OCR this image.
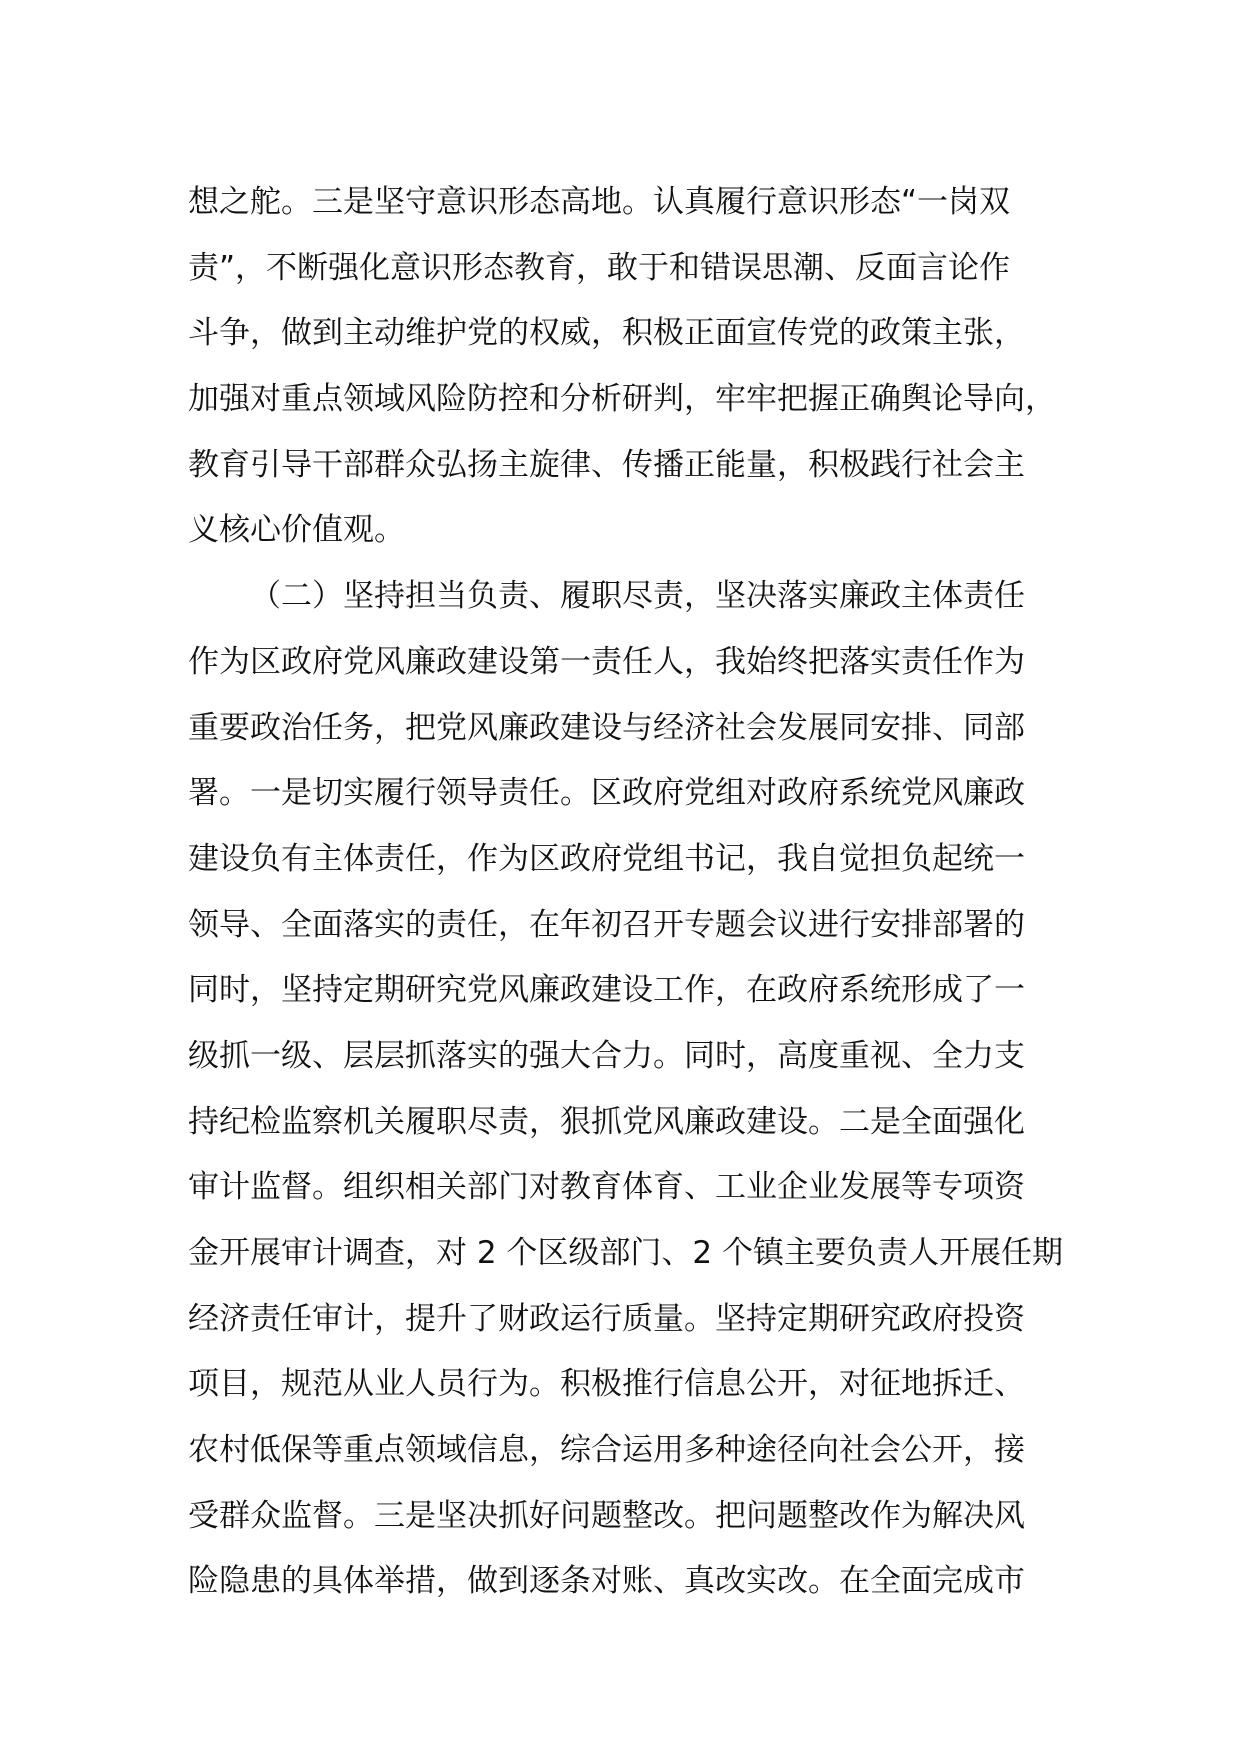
想之舵。三是坚守意识形态高地。认真履行意识形态“一岗双
责”，不断强化意识形态教育，敢于和错误思潮、反面言论作
斗争，做到主动维护党的权威，积极正面宣传党的政策主张，
加强对重点领域风险防控和分析研判，牢牢把握正确舆论导向，
教育引导干部群众弘扬主旋律、传播正能量，积极践行社会主
义核心价值观。
（二）坚持担当负责、履职尽责，坚决落实廉政主体责任
作为区政府党风廉政建设第一责任人，我始终把落实责任作为
重要政治任务，把党风廉政建设与经济社会发展同安排、同部
署。一是切实履行领导责任。区政府党组对政府系统党风廉政
建设负有主体责任，作为区政府党组书记，我自觉担负起统一
领导、全面落实的责任，在年初召开专题会议进行安排部署的
同时，坚持定期研究党风廉政建设工作，在政府系统形成了一
级抓一级、层层抓落实的强大合力。同时，高度重视、全力支
持纪检监察机关履职尽责，狠抓党风廉政建设。二是全面强化
审计监督。组织相关部门对教育体育、工业企业发展等专项资
金开展审计调查，对 2 个区级部门、2 个镇主要负责人开展任期
经济责任审计，提升了财政运行质量。坚持定期研究政府投资
项目，规范从业人员行为。积极推行信息公开，对征地拆迁、
农村低保等重点领域信息，综合运用多种途径向社会公开，接
受群众监督。三是坚决抓好问题整改。把问题整改作为解决风
险隐患的具体举措，做到逐条对账、真改实改。在全面完成市
